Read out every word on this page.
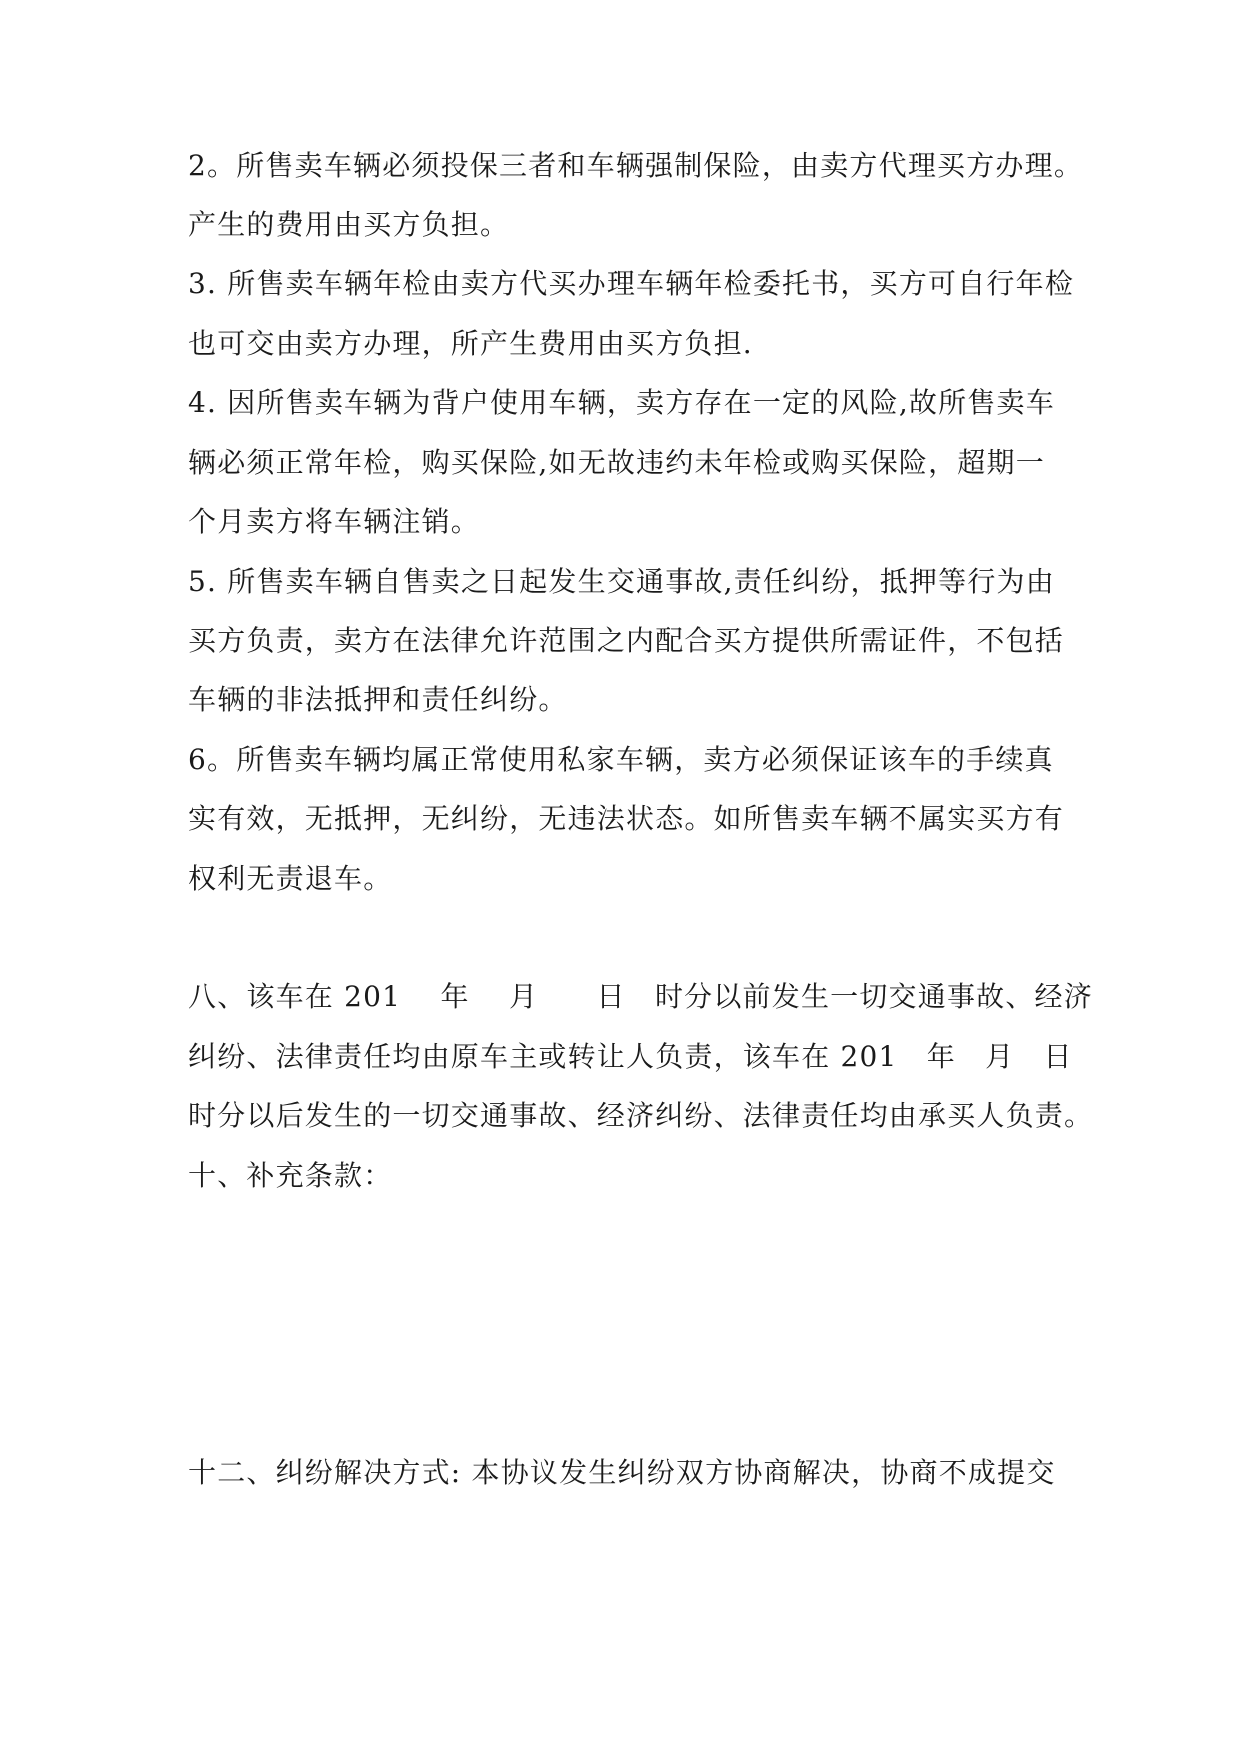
2。所售卖车辆必须投保三者和车辆强制保险，由卖方代理买方办理。
产生的费用由买方负担。
3. 所售卖车辆年检由卖方代买办理车辆年检委托书，买方可自行年检
也可交由卖方办理，所产生费用由买方负担.
4. 因所售卖车辆为背户使用车辆，卖方存在一定的风险,故所售卖车
辆必须正常年检，购买保险,如无故违约未年检或购买保险，超期一
个月卖方将车辆注销。
5. 所售卖车辆自售卖之日起发生交通事故,责任纠纷，抵押等行为由
买方负责，卖方在法律允许范围之内配合买方提供所需证件，不包括
车辆的非法抵押和责任纠纷。
6。所售卖车辆均属正常使用私家车辆，卖方必须保证该车的手续真
实有效，无抵押，无纠纷，无违法状态。如所售卖车辆不属实买方有
权利无责退车。
八、该车在 201　 年　 月　　日　时分以前发生一切交通事故、经济
纠纷、法律责任均由原车主或转让人负责，该车在 201　年　月　日
时分以后发生的一切交通事故、经济纠纷、法律责任均由承买人负责。
十、补充条款：
十二、纠纷解决方式: 本协议发生纠纷双方协商解决，协商不成提交
